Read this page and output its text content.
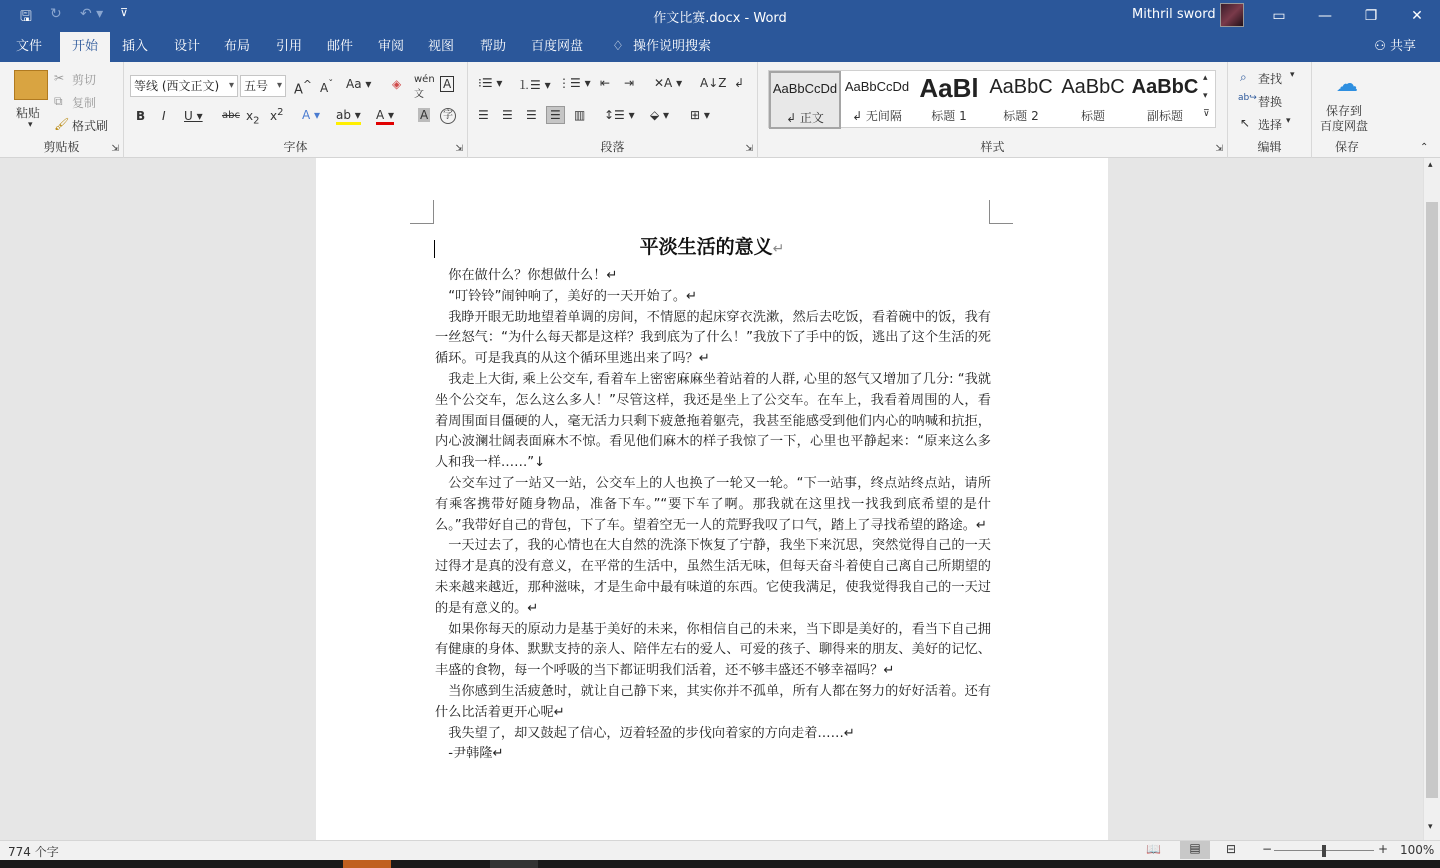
🖫 ↻ ↶ ▾ ⊽	作文比赛.docx - Word	Mithril sword	▭	—	❐	✕
文件	开始	插入	设计	布局	引用	邮件	审阅	视图	帮助	百度网盘	♢ 操作说明搜索	⚇ 共享
粘贴
▾
✂ 剪切
⧉ 复制
🖌 格式刷
剪贴板	⇲
等线 (西文正文) ▾	五号 ▾	A^ $A^ˇ$ Aa ▾ ◈ wén
文
A
B I U ▾ abc $x_2$ $x^2$ A ▾ ab ▾ A ▾ A	字
字体	⇲
⁝☰ ▾ ⒈☰ ▾ ⋮☰ ▾ ⇤ ⇥ ✕A ▾ A↓Z ↲
☰ ☰ ☰	☰	▥ ↕☰ ▾ ⬙ ▾ ⊞ ▾
段落	⇲	样式	⇲
AaBbCcDd
↲ 正文
AaBbCcDd
↲ 无间隔
AaBl
标题 1
AaBbC
标题 2
AaBbC
标题
AaBbC
副标题
▴
▾
⊽
⌕ 查找 ▾
ab↪ 替换
↖ 选择 ▾
编辑
☁
保存到
百度网盘
保存	⌃
平淡生活的意义↵

你在做什么？你想做什么！↵

“叮铃铃”闹钟响了，美好的一天开始了。↵

我睁开眼无助地望着单调的房间，不情愿的起床穿衣洗漱，然后去吃饭，看着碗中的饭，我有一丝怒气：“为什么每天都是这样？我到底为了什么！”我放下了手中的饭，逃出了这个生活的死循环。可是我真的从这个循环里逃出来了吗？↵

我走上大街, 乘上公交车, 看着车上密密麻麻坐着站着的人群, 心里的怒气又增加了几分: “我就坐个公交车，怎么这么多人！”尽管这样，我还是坐上了公交车。在车上，我看着周围的人，看着周围面目僵硬的人，毫无活力只剩下疲惫拖着躯壳，我甚至能感受到他们内心的呐喊和抗拒，内心波澜壮阔表面麻木不惊。看见他们麻木的样子我惊了一下，心里也平静起来：“原来这么多人和我一样……”↓

公交车过了一站又一站，公交车上的人也换了一轮又一轮。“下一站事，终点站终点站，请所有乘客携带好随身物品，准备下车。”“要下车了啊。那我就在这里找一找我到底希望的是什么。”我带好自己的背包，下了车。望着空无一人的荒野我叹了口气，踏上了寻找希望的路途。↵

一天过去了，我的心情也在大自然的洗涤下恢复了宁静，我坐下来沉思，突然觉得自己的一天过得才是真的没有意义，在平常的生活中，虽然生活无味，但每天奋斗着使自己离自己所期望的未来越来越近，那种滋味，才是生命中最有味道的东西。它使我满足，使我觉得我自己的一天过的是有意义的。↵

如果你每天的原动力是基于美好的未来，你相信自己的未来，当下即是美好的，看当下自己拥有健康的身体、默默支持的亲人、陪伴左右的爱人、可爱的孩子、聊得来的朋友、美好的记忆、丰盛的食物，每一个呼吸的当下都证明我们活着，还不够丰盛还不够幸福吗？↵

当你感到生活疲惫时，就让自己静下来，其实你并不孤单，所有人都在努力的好好活着。还有什么比活着更开心呢↵

我失望了，却又鼓起了信心，迈着轻盈的步伐向着家的方向走着……↵

-尹韩隆↵

▴
▾
774 个字	📖	▤	⊟ −	+ 100%
